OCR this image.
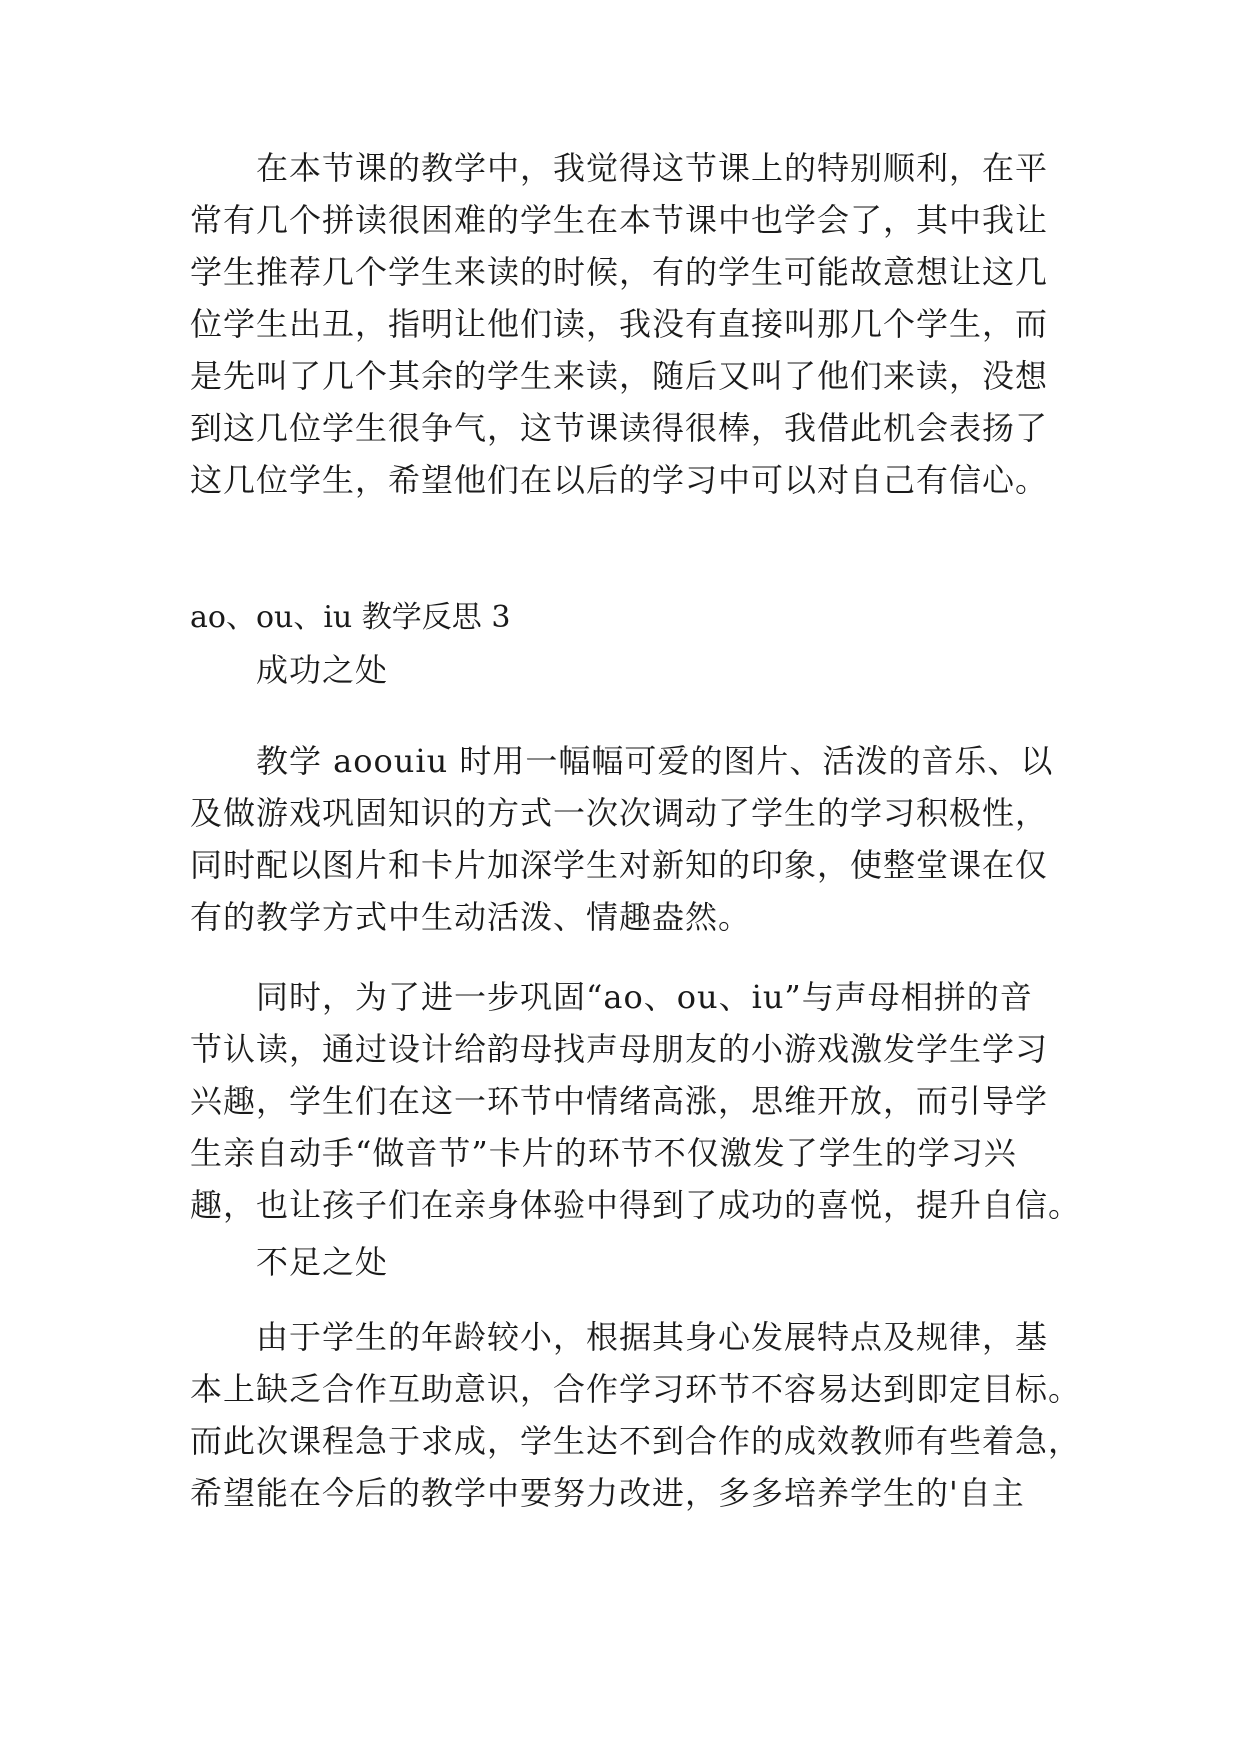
在本节课的教学中，我觉得这节课上的特别顺利，在平
常有几个拼读很困难的学生在本节课中也学会了，其中我让
学生推荐几个学生来读的时候，有的学生可能故意想让这几
位学生出丑，指明让他们读，我没有直接叫那几个学生，而
是先叫了几个其余的学生来读，随后又叫了他们来读，没想
到这几位学生很争气，这节课读得很棒，我借此机会表扬了
这几位学生，希望他们在以后的学习中可以对自己有信心。
ao、ou、iu 教学反思 3
成功之处
教学 aoouiu 时用一幅幅可爱的图片、活泼的音乐、以
及做游戏巩固知识的方式一次次调动了学生的学习积极性，
同时配以图片和卡片加深学生对新知的印象，使整堂课在仅
有的教学方式中生动活泼、情趣盎然。
同时，为了进一步巩固“ao、ou、iu”与声母相拼的音
节认读，通过设计给韵母找声母朋友的小游戏激发学生学习
兴趣，学生们在这一环节中情绪高涨，思维开放，而引导学
生亲自动手“做音节”卡片的环节不仅激发了学生的学习兴
趣，也让孩子们在亲身体验中得到了成功的喜悦，提升自信。
不足之处
由于学生的年龄较小，根据其身心发展特点及规律，基
本上缺乏合作互助意识，合作学习环节不容易达到即定目标。
而此次课程急于求成，学生达不到合作的成效教师有些着急，
希望能在今后的教学中要努力改进，多多培养学生的'自主
